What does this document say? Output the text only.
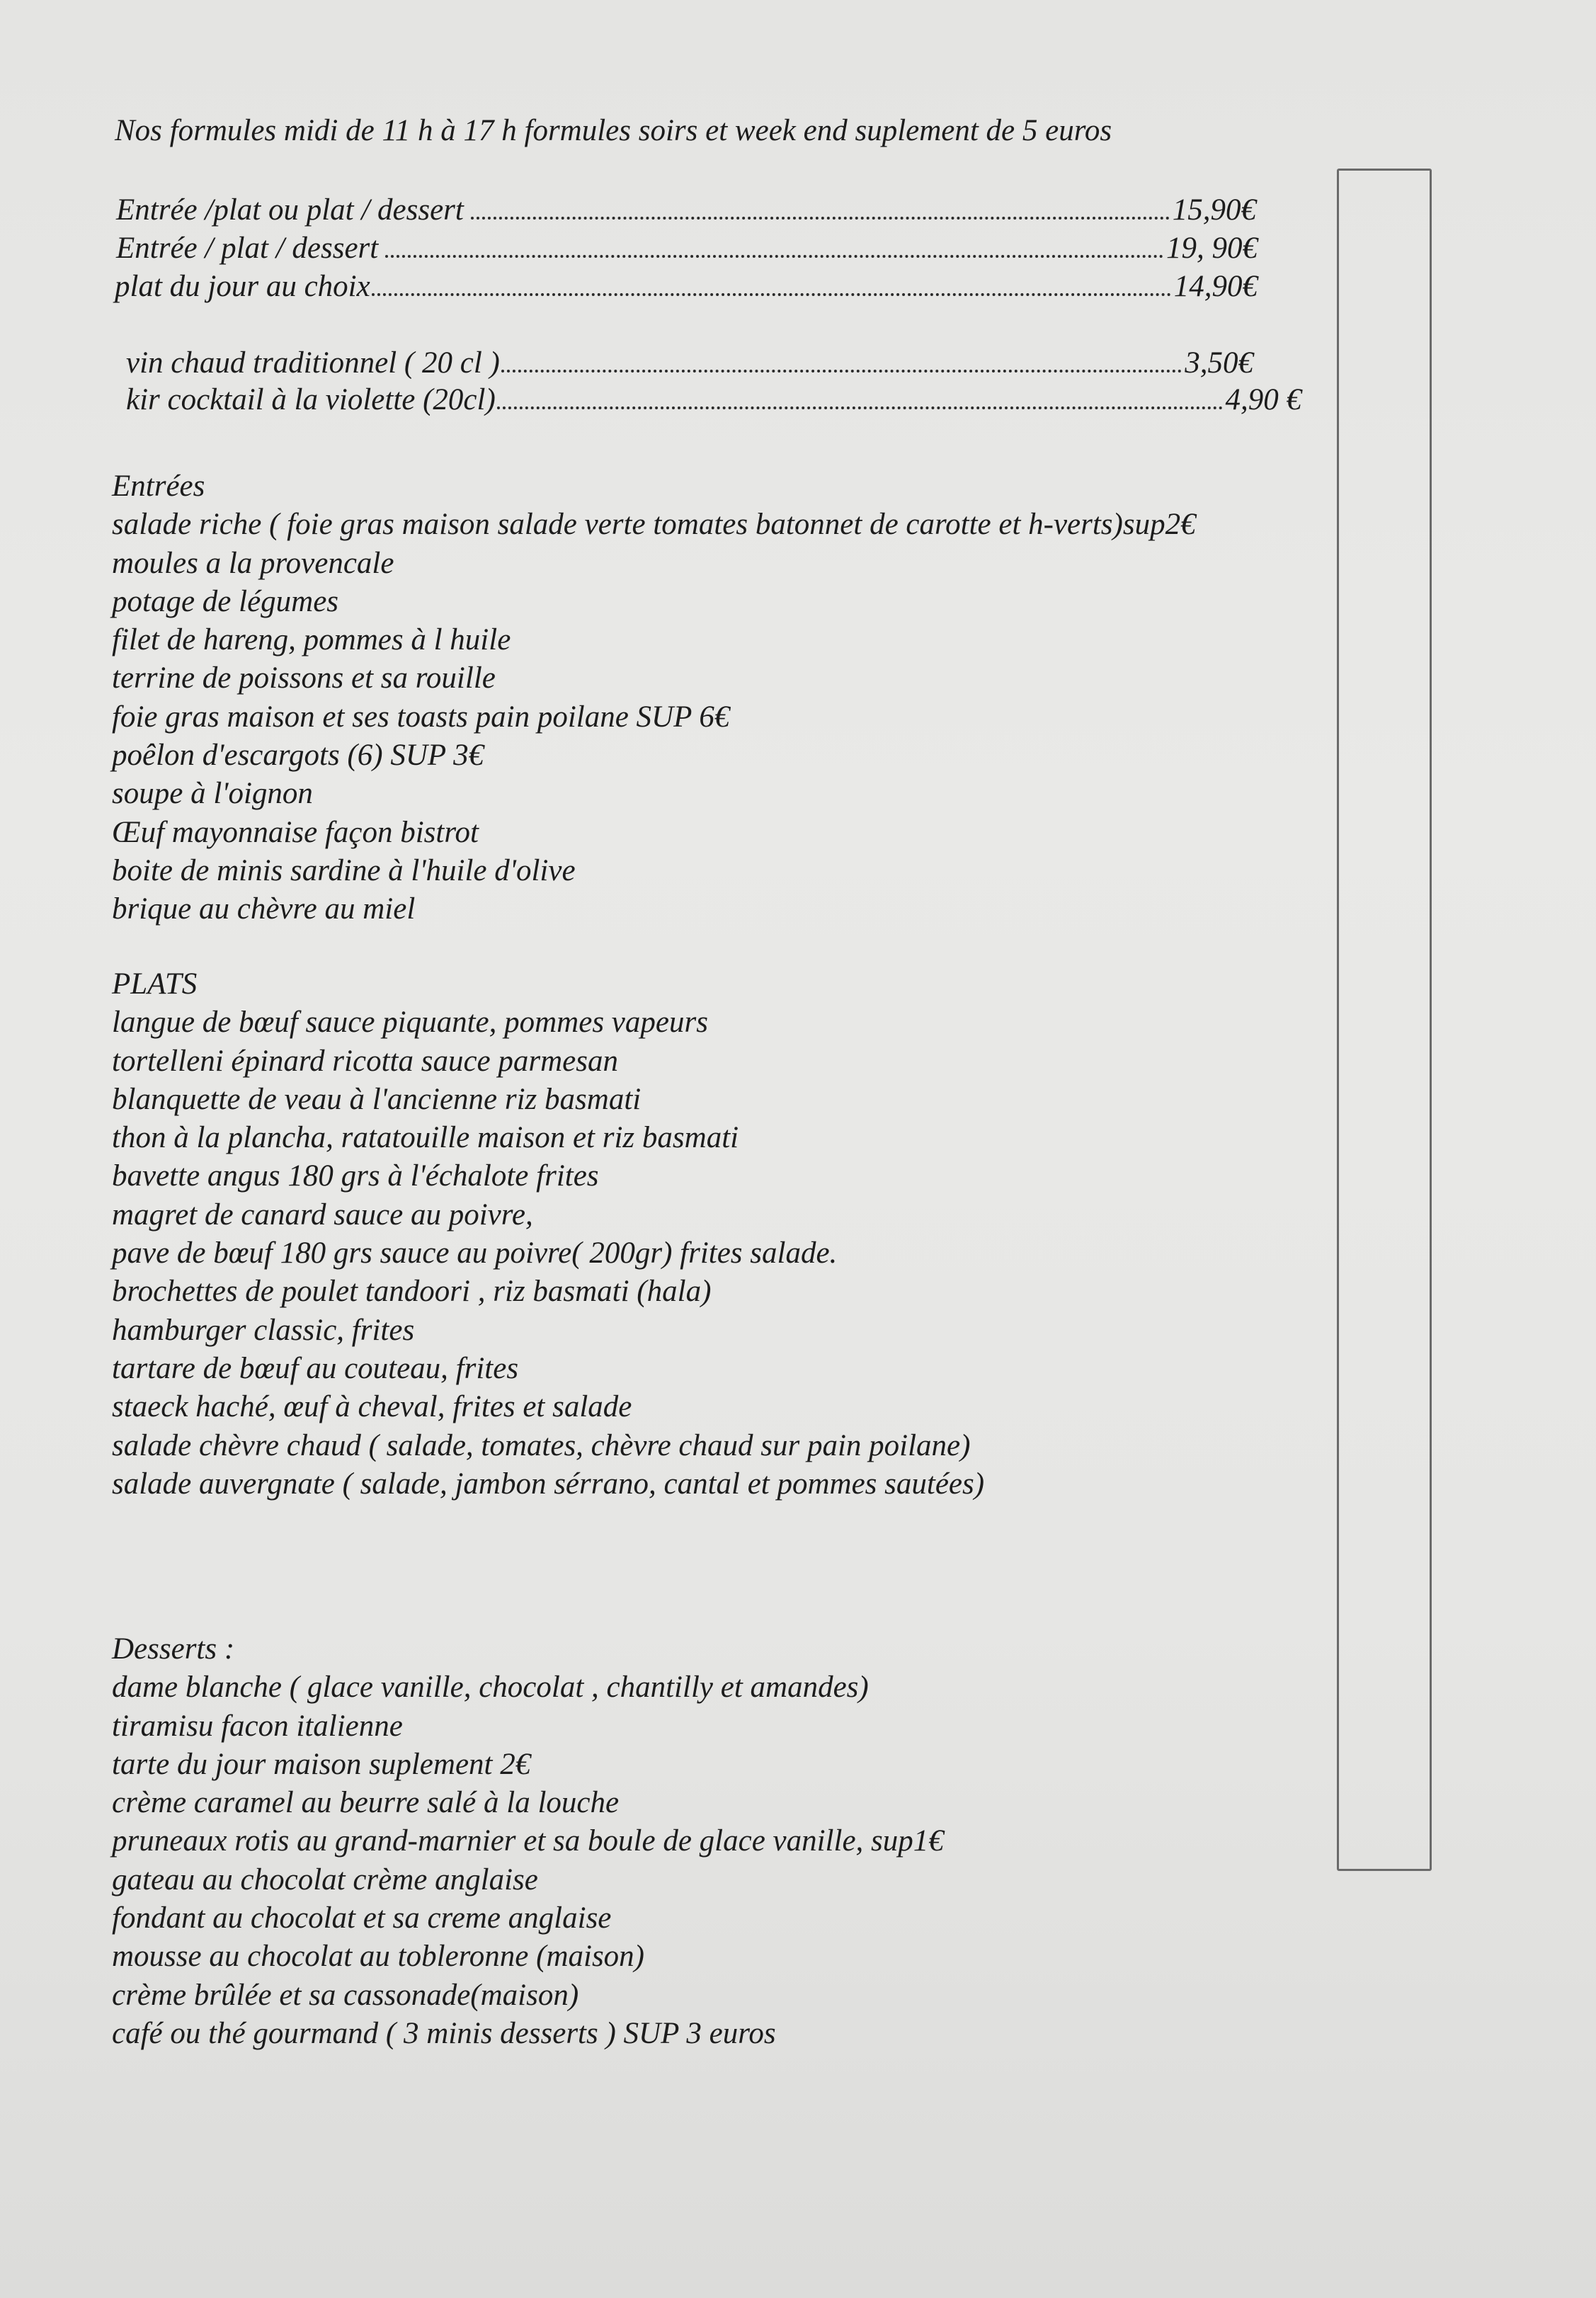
Nos formules midi de 11 h à 17 h formules soirs et week end suplement de 5 euros
Entrée /plat ou plat / dessert	15,90€
Entrée / plat / dessert	19, 90€
plat du jour au choix	14,90€
vin chaud traditionnel ( 20 cl )	3,50€
kir cocktail à la violette (20cl)	4,90 €
Entrées
salade riche ( foie gras maison salade verte tomates batonnet de carotte et h-verts)sup2€
moules a la provencale
potage de légumes
filet de hareng, pommes à l huile
terrine de poissons et sa rouille
foie gras maison et ses toasts pain poilane SUP 6€
poêlon d'escargots (6) SUP 3€
soupe à l'oignon
Œuf mayonnaise façon bistrot
boite de minis sardine à l'huile d'olive
brique au chèvre au miel
PLATS
langue de bœuf sauce piquante, pommes vapeurs
tortelleni épinard ricotta sauce parmesan
blanquette de veau à l'ancienne riz basmati
thon à la plancha, ratatouille maison et riz basmati
bavette angus 180 grs à l'échalote frites
magret de canard sauce au poivre,
pave de bœuf 180 grs sauce au poivre( 200gr) frites salade.
brochettes de poulet tandoori , riz basmati (hala)
hamburger classic, frites
tartare de bœuf au couteau, frites
staeck haché, œuf à cheval, frites et salade
salade chèvre chaud ( salade, tomates, chèvre chaud sur pain poilane)
salade auvergnate ( salade, jambon sérrano, cantal et pommes sautées)
Desserts :
dame blanche ( glace vanille, chocolat , chantilly et amandes)
tiramisu facon italienne
tarte du jour maison suplement 2€
crème caramel au beurre salé à la louche
pruneaux rotis au grand-marnier et sa boule de glace vanille, sup1€
gateau au chocolat crème anglaise
fondant au chocolat et sa creme anglaise
mousse au chocolat au tobleronne (maison)
crème brûlée et sa cassonade(maison)
café ou thé gourmand ( 3 minis desserts ) SUP 3 euros
